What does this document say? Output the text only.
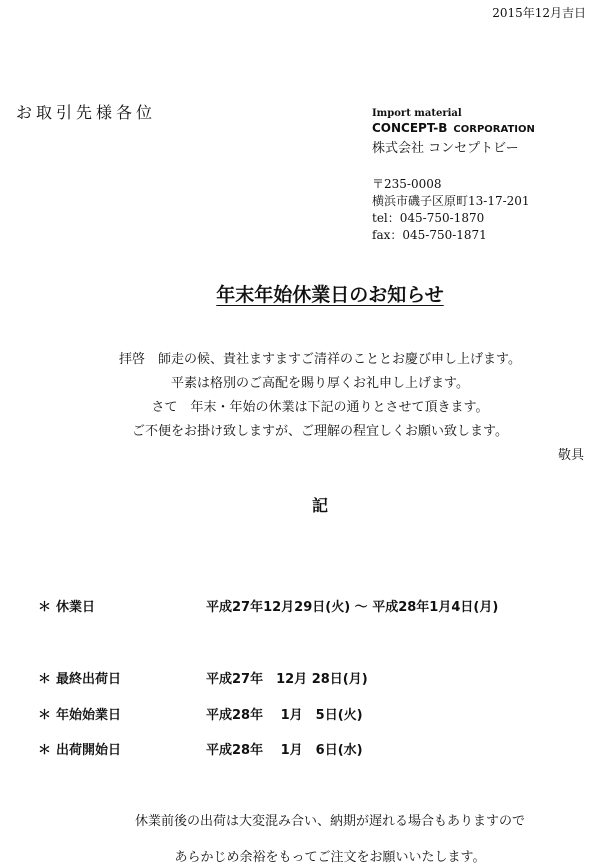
2015年12月吉日
お取引先様各位	Import material
CONCEPT-B CORPORATION
株式会社 コンセプトビー
〒235-0008
横浜市磯子区原町13-17-201
tel：045-750-1870
fax：045-750-1871
年末年始休業日のお知らせ
拝啓　師走の候、貴社ますますご清祥のこととお慶び申し上げます。
平素は格別のご高配を賜り厚くお礼申し上げます。
さて　年末・年始の休業は下記の通りとさせて頂きます。
ご不便をお掛け致しますが、ご理解の程宜しくお願い致します。
敬具
記
＊ 休業日	平成27年12月29日(火) ～ 平成28年1月4日(月)
＊ 最終出荷日	平成27年　12月 28日(月)
＊ 年始始業日	平成28年　 1月　5日(火)
＊ 出荷開始日	平成28年　 1月　6日(水)
休業前後の出荷は大変混み合い、納期が遅れる場合もありますので
あらかじめ余裕をもってご注文をお願いいたします。
